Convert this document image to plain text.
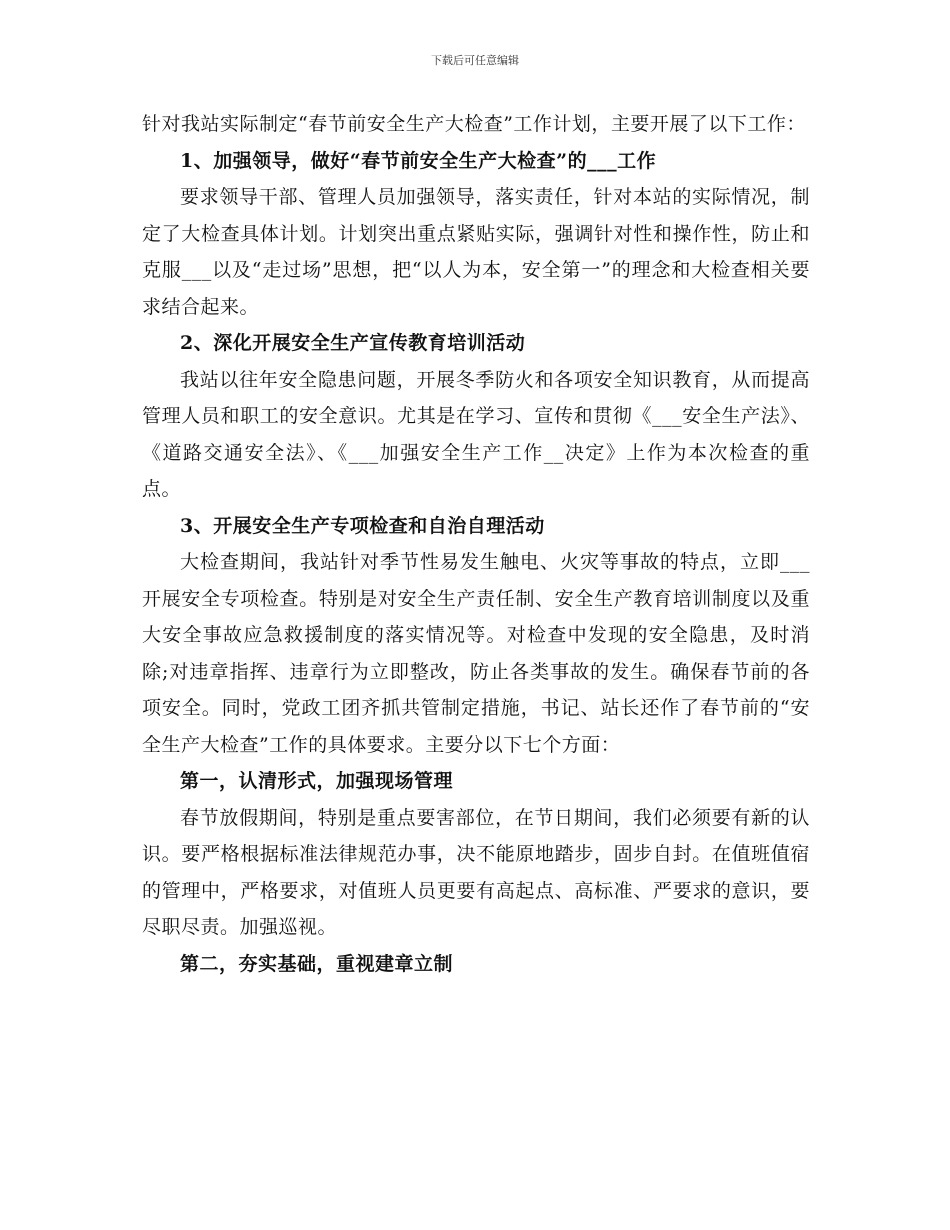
下载后可任意编辑

针对我站实际制定“春节前安全生产大检查”工作计划，主要开展了以下工作：

1、加强领导，做好“春节前安全生产大检查”的___工作

要求领导干部、管理人员加强领导，落实责任，针对本站的实际情况，制定了大检查具体计划。计划突出重点紧贴实际，强调针对性和操作性，防止和克服___以及“走过场”思想，把“以人为本，安全第一”的理念和大检查相关要求结合起来。

2、深化开展安全生产宣传教育培训活动

我站以往年安全隐患问题，开展冬季防火和各项安全知识教育，从而提高管理人员和职工的安全意识。尤其是在学习、宣传和贯彻《___安全生产法》、《道路交通安全法》、《___加强安全生产工作__决定》上作为本次检查的重点。

3、开展安全生产专项检查和自治自理活动

大检查期间，我站针对季节性易发生触电、火灾等事故的特点，立即___开展安全专项检查。特别是对安全生产责任制、安全生产教育培训制度以及重大安全事故应急救援制度的落实情况等。对检查中发现的安全隐患，及时消除;对违章指挥、违章行为立即整改，防止各类事故的发生。确保春节前的各项安全。同时，党政工团齐抓共管制定措施，书记、站长还作了春节前的“安全生产大检查”工作的具体要求。主要分以下七个方面：

第一，认清形式，加强现场管理

春节放假期间，特别是重点要害部位，在节日期间，我们必须要有新的认识。要严格根据标准法律规范办事，决不能原地踏步，固步自封。在值班值宿的管理中，严格要求，对值班人员更要有高起点、高标准、严要求的意识，要尽职尽责。加强巡视。

第二，夯实基础，重视建章立制
